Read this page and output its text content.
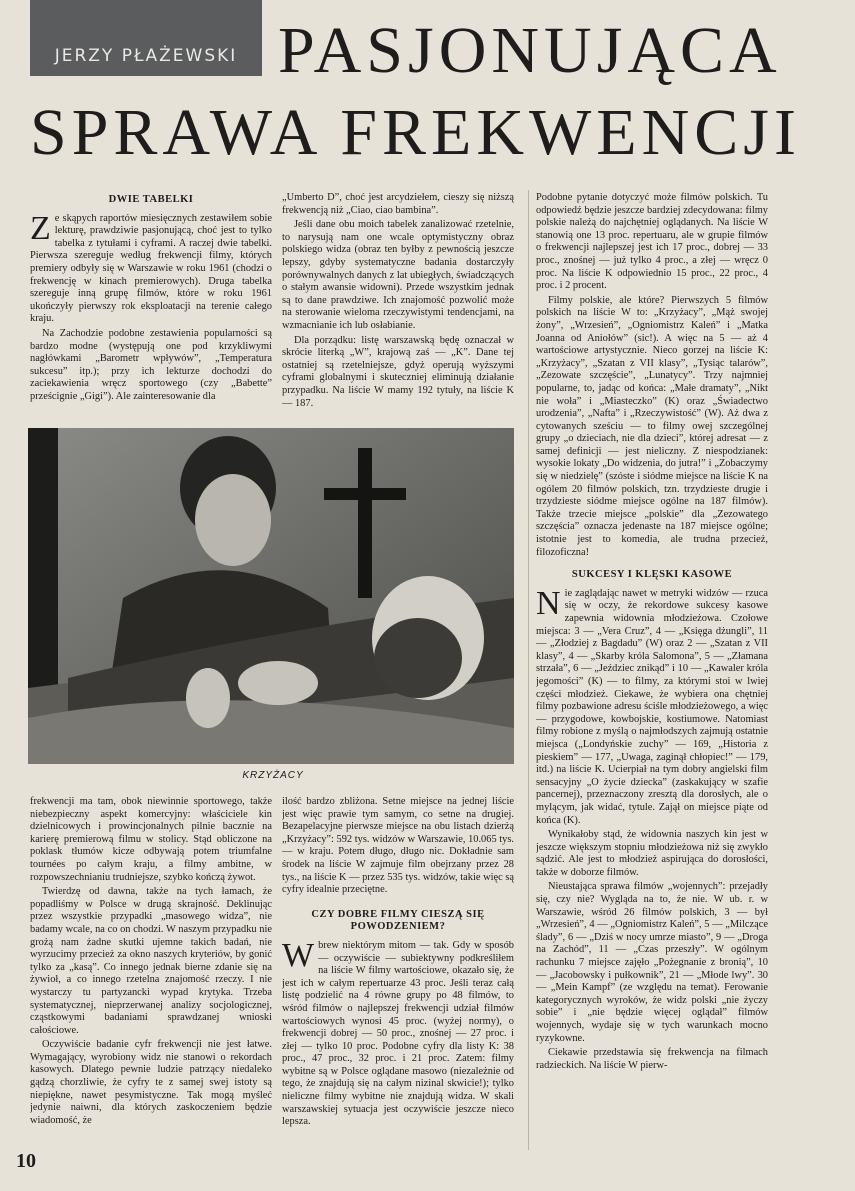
JERZY PŁAŻEWSKI PASJONUJĄCA
SPRAWA FREKWENCJI
DWIE TABELKI

Ze skąpych raportów miesięcznych zestawiłem sobie lekturę, prawdziwie pasjonującą, choć jest to tylko tabelka z tytułami i cyframi. A raczej dwie tabelki. Pierwsza szereguje według frekwencji filmy, których premiery odbyły się w Warszawie w roku 1961 (chodzi o frekwencję w kinach premierowych). Druga tabelka szereguje inną grupę filmów, które w roku 1961 ukończyły pierwszy rok eksploatacji na terenie całego kraju.

Na Zachodzie podobne zestawienia popularności są bardzo modne (występują one pod krzykliwymi nagłówkami „Barometr wpływów”, „Temperatura sukcesu” itp.); przy ich lekturze dochodzi do zaciekawienia wręcz sportowego (czy „Babette” prześcignie „Gigi”). Ale zainteresowanie dla

„Umberto D”, choć jest arcydziełem, cieszy się niższą frekwencją niż „Ciao, ciao bambina”.

Jeśli dane obu moich tabelek zanalizować rzetelnie, to narysują nam one wcale optymistyczny obraz polskiego widza (obraz ten byłby z pewnością jeszcze lepszy, gdyby systematyczne badania dostarczyły porównywalnych danych z lat ubiegłych, świadczących o stałym awansie widowni). Przede wszystkim jednak są to dane prawdziwe. Ich znajomość pozwolić może na sterowanie wieloma rzeczywistymi tendencjami, na wzmacnianie ich lub osłabianie.

Dla porządku: listę warszawską będę oznaczał w skrócie literką „W”, krajową zaś — „K”. Dane tej ostatniej są rzetelniejsze, gdyż operują wyższymi cyframi globalnymi i skuteczniej eliminują działanie przypadku. Na liście W mamy 192 tytuły, na liście K — 187.

KRZYŻACY

frekwencji ma tam, obok niewinnie sportowego, także niebezpieczny aspekt komercyjny: właściciele kin dzielnicowych i prowincjonalnych pilnie bacznie na karierę premierową filmu w stolicy. Stąd obliczone na poklask tłumów kicze odbywają potem triumfalne tournées po całym kraju, a filmy ambitne, w rozpowszechnianiu trudniejsze, szybko kończą żywot.

Twierdzę od dawna, także na tych łamach, że popadliśmy w Polsce w drugą skrajność. Deklinując przez wszystkie przypadki „masowego widza”, nie badamy wcale, na co on chodzi. W naszym przypadku nie grożą nam żadne skutki ujemne takich badań, nie wyrzucimy przecież za okno naszych kryteriów, by gonić tylko za „kasą”. Co innego jednak bierne zdanie się na żywioł, a co innego rzetelna znajomość rzeczy. I nie wystarczy tu partyzancki wypad krytyka. Trzeba systematycznej, nieprzerwanej analizy socjologicznej, cząstkowymi badaniami sprawdzanej wnioski całościowe.

Oczywiście badanie cyfr frekwencji nie jest łatwe. Wymagający, wyrobiony widz nie stanowi o rekordach kasowych. Dlatego pewnie ludzie patrzący niedaleko gądzą chorzliwie, że cyfry te z samej swej istoty są niepiękne, nawet pesymistyczne. Tak mogą myśleć jedynie naiwni, dla których zaskoczeniem będzie wiadomość, że

ilość bardzo zbliżona. Setne miejsce na jednej liście jest więc prawie tym samym, co setne na drugiej. Bezapelacyjne pierwsze miejsce na obu listach dzierżą „Krzyżacy”: 592 tys. widzów w Warszawie, 10.065 tys. — w kraju. Potem długo, długo nic. Dokładnie sam środek na liście W zajmuje film obejrzany przez 28 tys., na liście K — przez 535 tys. widzów, takie więc są cyfry idealnie przeciętne.

CZY DOBRE FILMY CIESZĄ SIĘ POWODZENIEM?

Wbrew niektórym mitom — tak. Gdy w sposób — oczywiście — subiektywny podkreśliłem na liście W filmy wartościowe, okazało się, że jest ich w całym repertuarze 43 proc. Jeśli teraz całą listę podzielić na 4 równe grupy po 48 filmów, to wśród filmów o najlepszej frekwencji udział filmów wartościowych wynosi 45 proc. (wyżej normy), o frekwencji dobrej — 50 proc., znośnej — 27 proc. i złej — tylko 10 proc. Podobne cyfry dla listy K: 38 proc., 47 proc., 32 proc. i 21 proc. Zatem: filmy wybitne są w Polsce oglądane masowo (niezależnie od tego, że znajdują się na całym nizinal skwicie!); tylko nieliczne filmy wybitne nie znajdują widza. W skali warszawskiej sytuacja jest oczywiście jeszcze nieco lepsza.

Podobne pytanie dotyczyć może filmów polskich. Tu odpowiedź będzie jeszcze bardziej zdecydowana: filmy polskie należą do najchętniej oglądanych. Na liście W stanowią one 13 proc. repertuaru, ale w grupie filmów o frekwencji najlepszej jest ich 17 proc., dobrej — 33 proc., znośnej — już tylko 4 proc., a złej — wręcz 0 proc. Na liście K odpowiednio 15 proc., 22 proc., 4 proc. i 2 procent.

Filmy polskie, ale które? Pierwszych 5 filmów polskich na liście W to: „Krzyżacy”, „Mąż swojej żony”, „Wrzesień”, „Ogniomistrz Kaleń” i „Matka Joanna od Aniołów” (sic!). A więc na 5 — aż 4 wartościowe artystycznie. Nieco gorzej na liście K: „Krzyżacy”, „Szatan z VII klasy”, „Tysiąc talarów”, „Zezowate szczęście”, „Lunatycy”. Trzy najmniej popularne, to, jadąc od końca: „Małe dramaty”, „Nikt nie woła” i „Miasteczko” (K) oraz „Świadectwo urodzenia”, „Nafta” i „Rzeczywistość” (W). Aż dwa z cytowanych sześciu — to filmy owej szczególnej grupy „o dzieciach, nie dla dzieci”, której adresat — z samej definicji — jest nieliczny. Z niespodzianek: wysokie lokaty „Do widzenia, do jutra!” i „Zobaczymy się w niedzielę” (szóste i siódme miejsce na liście K na ogólem 20 filmów polskich, tzn. trzydzieste drugie i trzydzieste siódme miejsce ogólne na 187 filmów). Także trzecie miejsce „polskie” dla „Zezowatego szczęścia” oznacza jedenaste na 187 miejsce ogólne; istotnie jest to komedia, ale trudna przecież, filozoficzna!

SUKCESY I KLĘSKI KASOWE

Nie zaglądając nawet w metryki widzów — rzuca się w oczy, że rekordowe sukcesy kasowe zapewnia widownia młodzieżowa. Czołowe miejsca: 3 — „Vera Cruz”, 4 — „Księga dżungli”, 11 — „Złodziej z Bagdadu” (W) oraz 2 — „Szatan z VII klasy”, 4 — „Skarby króla Salomona”, 5 — „Złamana strzała”, 6 — „Jeździec znikąd” i 10 — „Kawaler króla jegomości” (K) — to filmy, za którymi stoi w lwiej części młodzież. Ciekawe, że wybiera ona chętniej filmy pozbawione adresu ściśle młodzieżowego, a więc — przygodowe, kowbojskie, kostiumowe. Natomiast filmy robione z myślą o najmłodszych zajmują ostatnie miejsca („Londyńskie zuchy” — 169, „Historia z pieskiem” — 177, „Uwaga, zaginął chłopiec!” — 179, itd.) na liście K. Ucierpiał na tym dobry angielski film sensacyjny „O życie dziecka” (zaskakujący w szafie pancernej), przeznaczony zresztą dla dorosłych, ale o mylącym, jak widać, tytule. Zajął on miejsce piąte od końca (K).

Wynikałoby stąd, że widownia naszych kin jest w jeszcze większym stopniu młodzieżowa niż się zwykło sądzić. Ale jest to młodzież aspirująca do dorosłości, także w doborze filmów.

Nieustająca sprawa filmów „wojennych”: przejadły się, czy nie? Wygląda na to, że nie. W ub. r. w Warszawie, wśród 26 filmów polskich, 3 — był „Wrzesień”, 4 — „Ogniomistrz Kaleń”, 5 — „Milczące ślady”, 6 — „Dziś w nocy umrze miasto”, 9 — „Droga na Zachód”, 11 — „Czas przeszły”. W ogólnym rachunku 7 miejsce zajęło „Pożegnanie z bronią”, 10 — „Jacobowsky i pułkownik”, 21 — „Młode lwy”. 30 — „Mein Kampf” (ze względu na temat). Ferowanie kategorycznych wyroków, że widz polski „nie życzy sobie” i „nie będzie więcej oglądał” filmów wojennych, wydaje się w tych warunkach mocno ryzykowne.

Ciekawie przedstawia się frekwencja na filmach radzieckich. Na liście W pierw-

10
